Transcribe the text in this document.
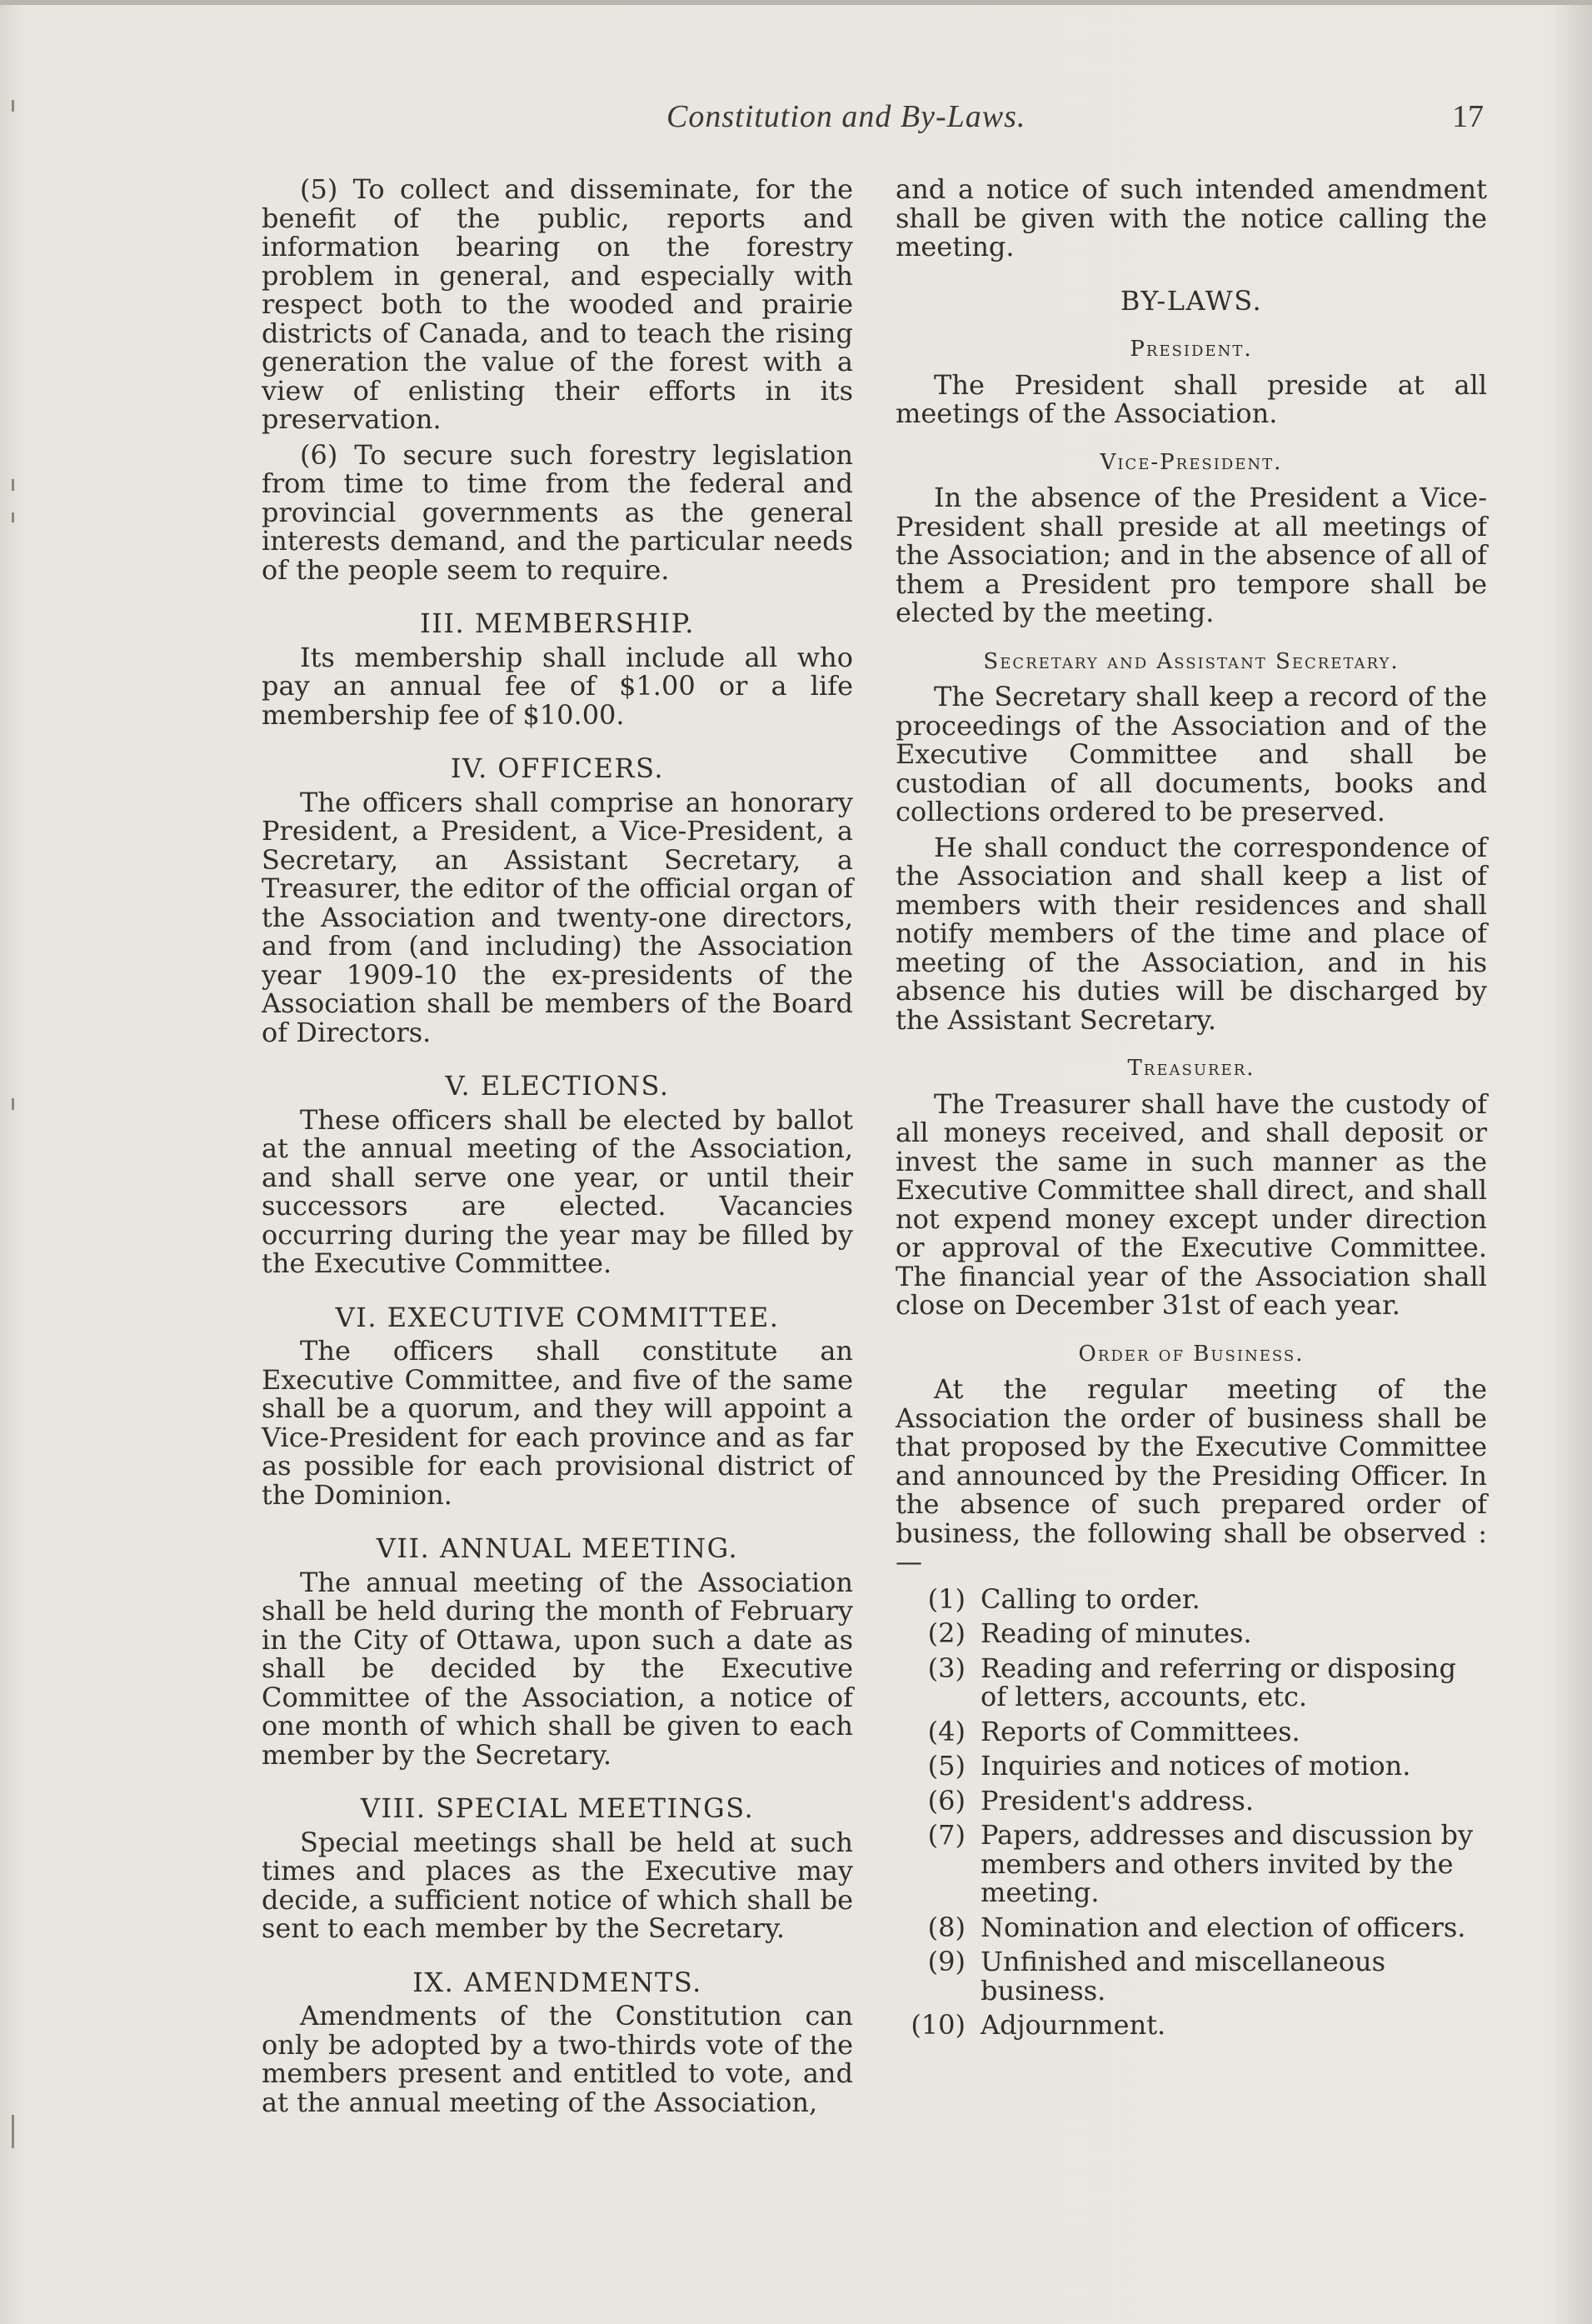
Constitution and By-Laws.	17

(5) To collect and disseminate, for the benefit of the public, reports and information bearing on the forestry problem in general, and especially with respect both to the wooded and prairie districts of Canada, and to teach the rising generation the value of the forest with a view of enlisting their efforts in its preservation.

(6) To secure such forestry legislation from time to time from the federal and provincial governments as the general interests demand, and the particular needs of the people seem to require.

III. MEMBERSHIP.

Its membership shall include all who pay an annual fee of $1.00 or a life membership fee of $10.00.

IV. OFFICERS.

The officers shall comprise an honorary President, a President, a Vice-President, a Secretary, an Assistant Secretary, a Treasurer, the editor of the official organ of the Association and twenty-one directors, and from (and including) the Association year 1909-10 the ex-presidents of the Association shall be members of the Board of Directors.

V. ELECTIONS.

These officers shall be elected by ballot at the annual meeting of the Association, and shall serve one year, or until their successors are elected. Vacancies occurring during the year may be filled by the Executive Committee.

VI. EXECUTIVE COMMITTEE.

The officers shall constitute an Executive Committee, and five of the same shall be a quorum, and they will appoint a Vice-President for each province and as far as possible for each provisional district of the Dominion.

VII. ANNUAL MEETING.

The annual meeting of the Association shall be held during the month of February in the City of Ottawa, upon such a date as shall be decided by the Executive Committee of the Association, a notice of one month of which shall be given to each member by the Secretary.

VIII. SPECIAL MEETINGS.

Special meetings shall be held at such times and places as the Executive may decide, a sufficient notice of which shall be sent to each member by the Secretary.

IX. AMENDMENTS.

Amendments of the Constitution can only be adopted by a two-thirds vote of the members present and entitled to vote, and at the annual meeting of the Association,

and a notice of such intended amendment shall be given with the notice calling the meeting.

BY-LAWS.
President.

The President shall preside at all meetings of the Association.

Vice-President.

In the absence of the President a Vice-President shall preside at all meetings of the Association; and in the absence of all of them a President pro tempore shall be elected by the meeting.

Secretary and Assistant Secretary.

The Secretary shall keep a record of the proceedings of the Association and of the Executive Committee and shall be custodian of all documents, books and collections ordered to be preserved.

He shall conduct the correspondence of the Association and shall keep a list of members with their residences and shall notify members of the time and place of meeting of the Association, and in his absence his duties will be discharged by the Assistant Secretary.

Treasurer.

The Treasurer shall have the custody of all moneys received, and shall deposit or invest the same in such manner as the Executive Committee shall direct, and shall not expend money except under direction or approval of the Executive Committee. The financial year of the Association shall close on December 31st of each year.

Order of Business.

At the regular meeting of the Association the order of business shall be that proposed by the Executive Committee and announced by the Presiding Officer. In the absence of such prepared order of business, the following shall be observed :—

(1) Calling to order.
(2) Reading of minutes.
(3) Reading and referring or disposing of letters, accounts, etc.
(4) Reports of Committees.
(5) Inquiries and notices of motion.
(6) President's address.
(7) Papers, addresses and discussion by members and others invited by the meeting.
(8) Nomination and election of officers.
(9) Unfinished and miscellaneous business.
(10) Adjournment.
